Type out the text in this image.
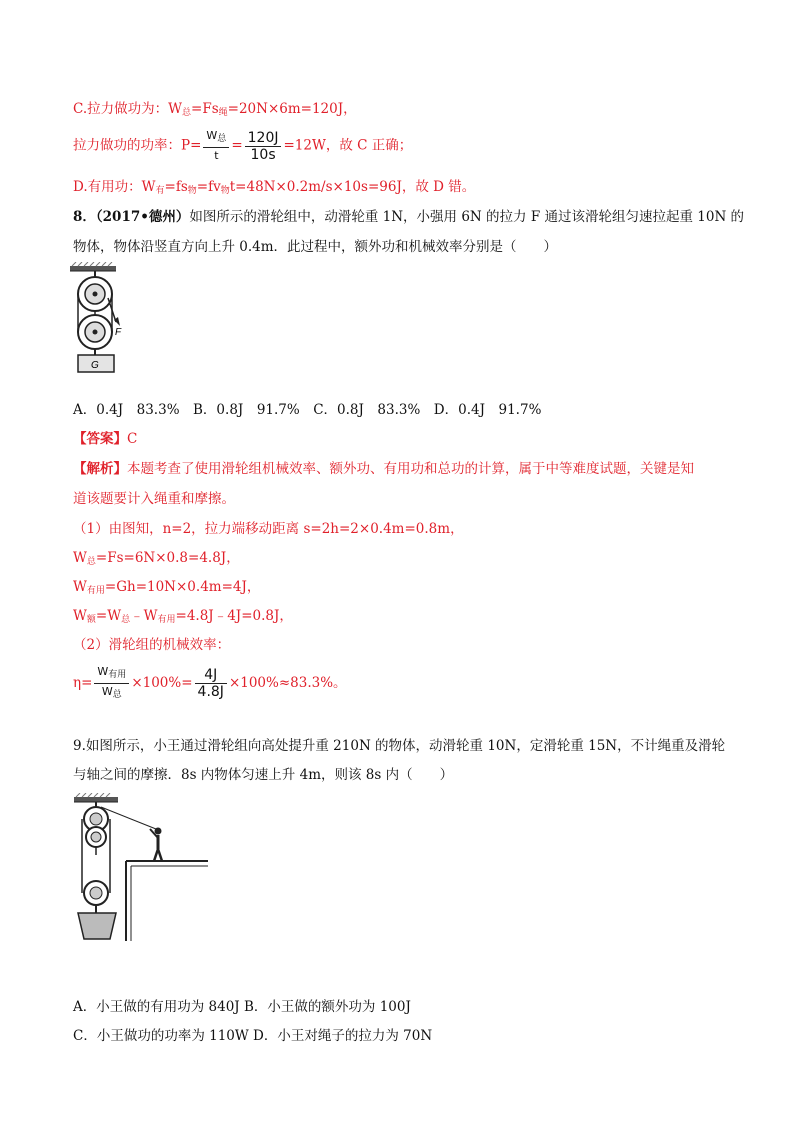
C.拉力做功为：$W_总=Fs_绳=20N\times 6m=120J$，
拉力做功的功率：$P= \frac{W_总}{t} = \frac{120J}{10s} =12W$，故 C 正确；
D.有用功：$W_有=fs_物=fv_物t=48N\times 0.2m/s\times 10s=96J$，故 D 错。
8．（2017•德州）如图所示的滑轮组中，动滑轮重 1N，小强用 6N 的拉力 F 通过该滑轮组匀速拉起重 10N 的
物体，物体沿竖直方向上升 0.4m．此过程中，额外功和机械效率分别是（　　）
F
G
A．0.4J　83.3%　B．0.8J　91.7%　C．0.8J　83.3%　D．0.4J　91.7%
【答案】C
【解析】本题考查了使用滑轮组机械效率、额外功、有用功和总功的计算，属于中等难度试题，关键是知
道该题要计入绳重和摩擦。
（1）由图知，n=2，拉力端移动距离 s=2h=2×0.4m=0.8m，
$W_总=Fs=6N\times 0.8=4.8J$，
$W_{有用}=Gh=10N\times 0.4m=4J$，
$W_额=W_总﹣W_{有用}=4.8J﹣4J=0.8J$，
（2）滑轮组的机械效率：
$\eta= \frac{W_{有用}}{W_总} \times 100\%= \frac{4J}{4.8J} \times 100\%\approx 83.3\%$。
9.如图所示，小王通过滑轮组向高处提升重 210N 的物体，动滑轮重 10N，定滑轮重 15N，不计绳重及滑轮
与轴之间的摩擦．8s 内物体匀速上升 4m，则该 8s 内（　　）
A．小王做的有用功为 840J B．小王做的额外功为 100J
C．小王做功的功率为 110W D．小王对绳子的拉力为 70N
